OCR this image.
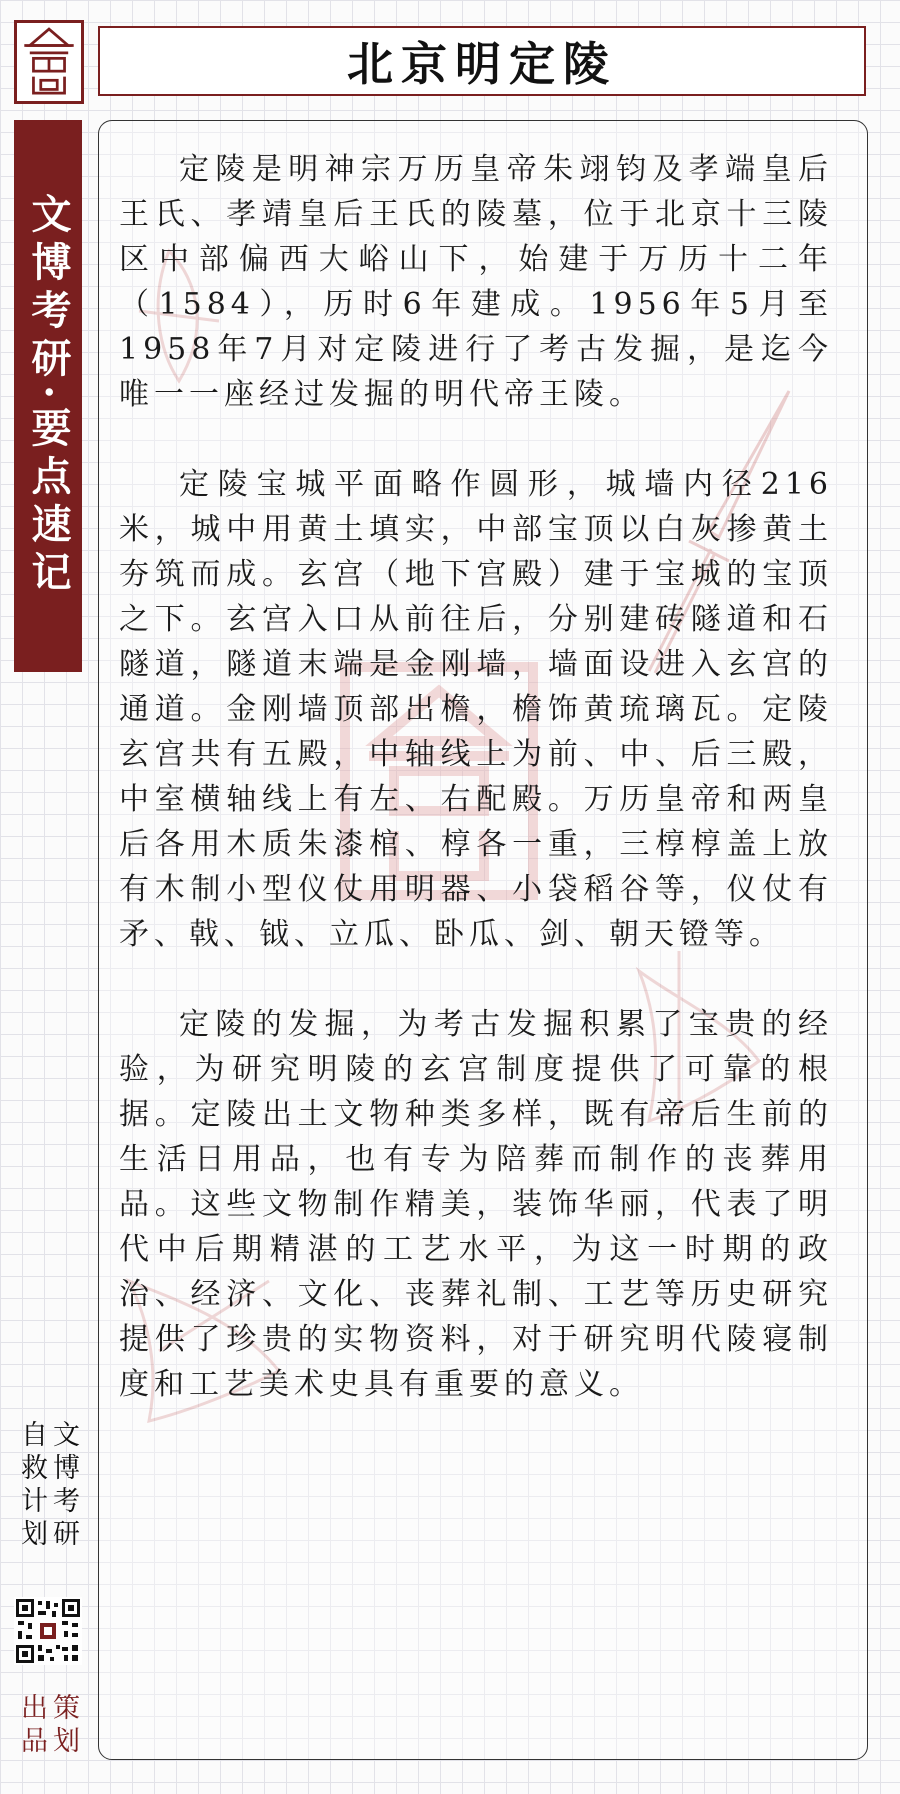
文博考研·要点速记
北京明定陵

定陵是明神宗万历皇帝朱翊钧及孝端皇后王氏、孝靖皇后王氏的陵墓，位于北京十三陵区中部偏西大峪山下，始建于万历十二年（1584），历时6年建成。1956年5月至1958年7月对定陵进行了考古发掘，是迄今唯一一座经过发掘的明代帝王陵。

定陵宝城平面略作圆形，城墙内径216米，城中用黄土填实，中部宝顶以白灰掺黄土夯筑而成。玄宫（地下宫殿）建于宝城的宝顶之下。玄宫入口从前往后，分别建砖隧道和石隧道，隧道末端是金刚墙，墙面设进入玄宫的通道。金刚墙顶部出檐，檐饰黄琉璃瓦。定陵玄宫共有五殿，中轴线上为前、中、后三殿，中室横轴线上有左、右配殿。万历皇帝和两皇后各用木质朱漆棺、椁各一重，三椁椁盖上放有木制小型仪仗用明器、小袋稻谷等，仪仗有矛、戟、钺、立瓜、卧瓜、剑、朝天镫等。

定陵的发掘，为考古发掘积累了宝贵的经验，为研究明陵的玄宫制度提供了可靠的根据。定陵出土文物种类多样，既有帝后生前的生活日用品，也有专为陪葬而制作的丧葬用品。这些文物制作精美，装饰华丽，代表了明代中后期精湛的工艺水平，为这一时期的政治、经济、文化、丧葬礼制、工艺等历史研究提供了珍贵的实物资料，对于研究明代陵寝制度和工艺美术史具有重要的意义。

文博考研
自救计划
策划
出品
